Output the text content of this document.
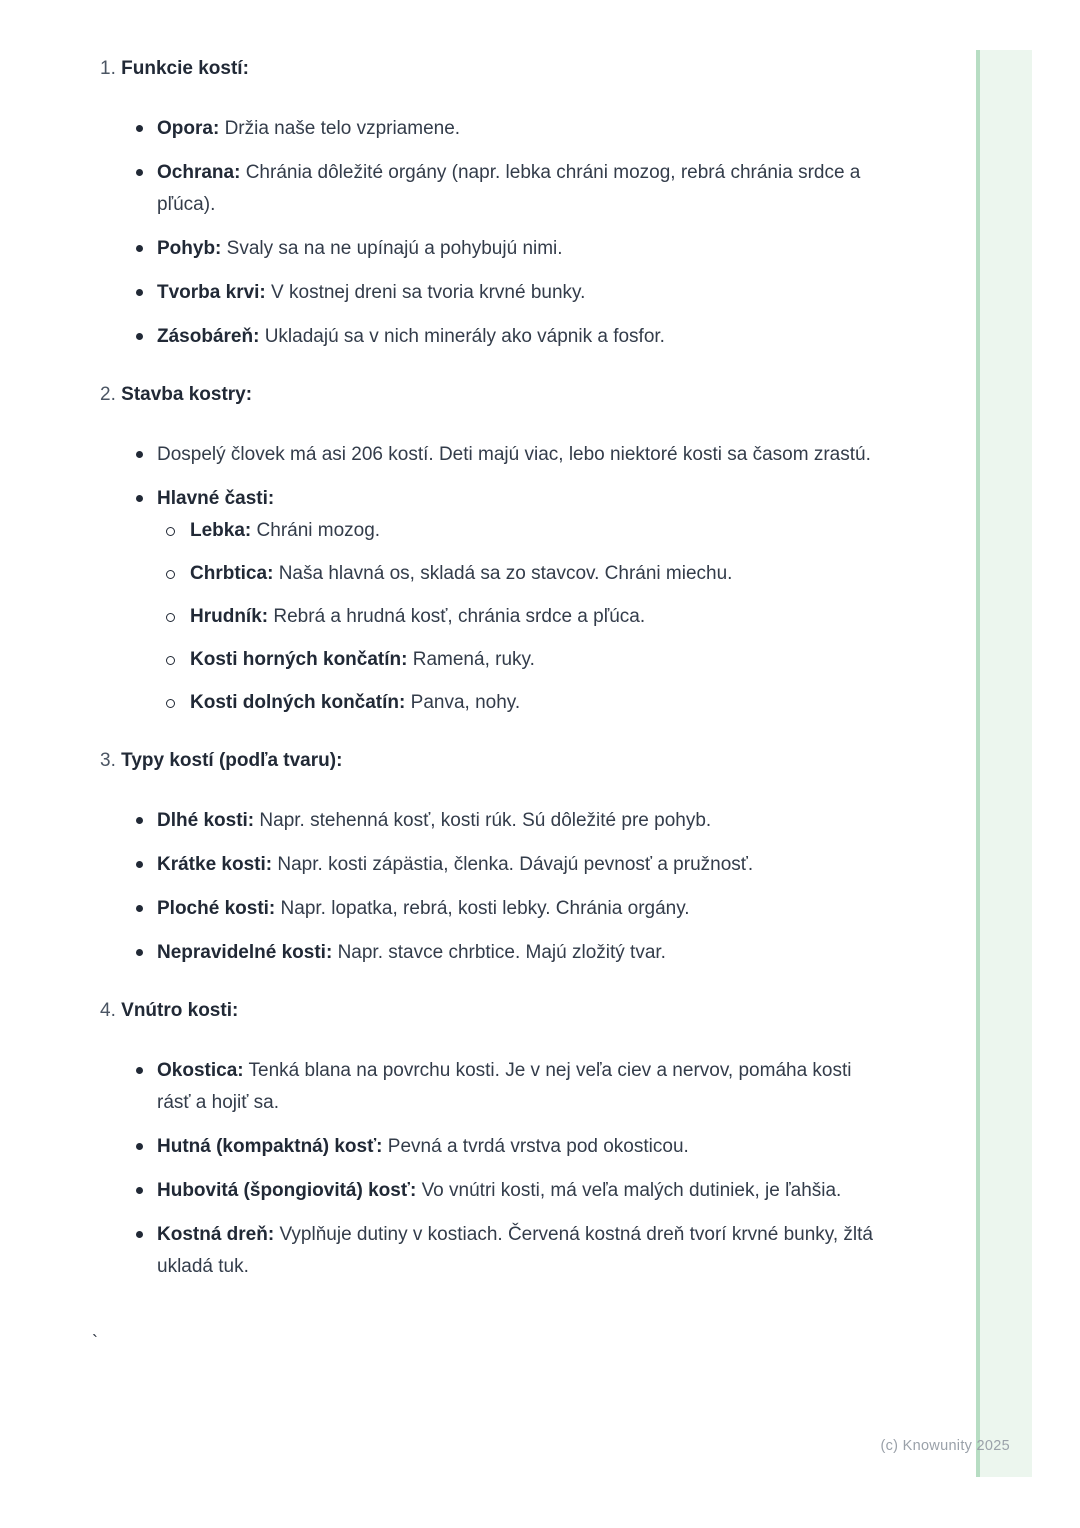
1. Funkcie kostí:
Opora: Držia naše telo vzpriamene.
Ochrana: Chránia dôležité orgány (napr. lebka chráni mozog, rebrá chránia srdce a pľúca).
Pohyb: Svaly sa na ne upínajú a pohybujú nimi.
Tvorba krvi: V kostnej dreni sa tvoria krvné bunky.
Zásobáreň: Ukladajú sa v nich minerály ako vápnik a fosfor.
2. Stavba kostry:
Dospelý človek má asi 206 kostí. Deti majú viac, lebo niektoré kosti sa časom zrastú.
Hlavné časti:
Lebka: Chráni mozog.
Chrbtica: Naša hlavná os, skladá sa zo stavcov. Chráni miechu.
Hrudník: Rebrá a hrudná kosť, chránia srdce a pľúca.
Kosti horných končatín: Ramená, ruky.
Kosti dolných končatín: Panva, nohy.
3. Typy kostí (podľa tvaru):
Dlhé kosti: Napr. stehenná kosť, kosti rúk. Sú dôležité pre pohyb.
Krátke kosti: Napr. kosti zápästia, členka. Dávajú pevnosť a pružnosť.
Ploché kosti: Napr. lopatka, rebrá, kosti lebky. Chránia orgány.
Nepravidelné kosti: Napr. stavce chrbtice. Majú zložitý tvar.
4. Vnútro kosti:
Okostica: Tenká blana na povrchu kosti. Je v nej veľa ciev a nervov, pomáha kosti rásť a hojiť sa.
Hutná (kompaktná) kosť: Pevná a tvrdá vrstva pod okosticou.
Hubovitá (špongiovitá) kosť: Vo vnútri kosti, má veľa malých dutiniek, je ľahšia.
Kostná dreň: Vyplňuje dutiny v kostiach. Červená kostná dreň tvorí krvné bunky, žltá ukladá tuk.
`
(c) Knowunity 2025
